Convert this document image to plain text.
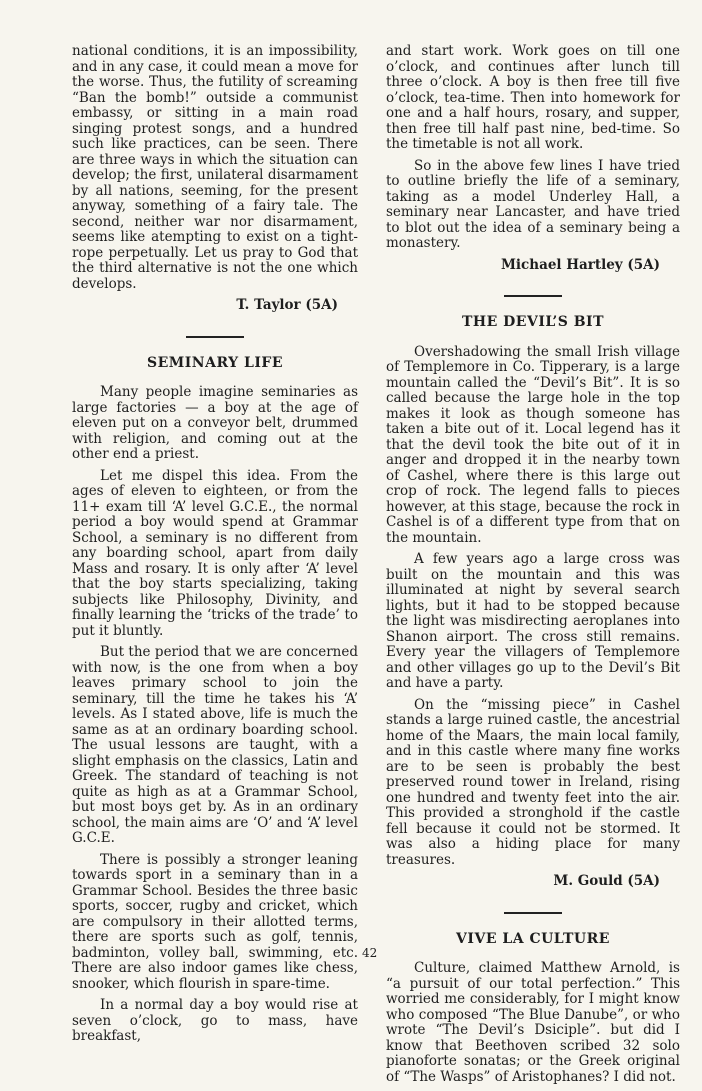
national conditions, it is an impossibility, and in any case, it could mean a move for the worse. Thus, the futility of screaming “Ban the bomb!” outside a communist embassy, or sitting in a main road singing protest songs, and a hundred such like practices, can be seen. There are three ways in which the situation can develop; the first, unilateral disarmament by all nations, seeming, for the present anyway, something of a fairy tale. The second, neither war nor disarmament, seems like atempting to exist on a tight-rope perpetually. Let us pray to God that the third alternative is not the one which develops.

T. Taylor (5A)
SEMINARY LIFE

Many people imagine seminaries as large factories — a boy at the age of eleven put on a conveyor belt, drummed with religion, and coming out at the other end a priest.

Let me dispel this idea. From the ages of eleven to eighteen, or from the 11+ exam till ‘A’ level G.C.E., the normal period a boy would spend at Grammar School, a seminary is no different from any boarding school, apart from daily Mass and rosary. It is only after ‘A’ level that the boy starts specializing, taking subjects like Philosophy, Divinity, and finally learning the ‘tricks of the trade’ to put it bluntly.

But the period that we are concerned with now, is the one from when a boy leaves primary school to join the seminary, till the time he takes his ‘A’ levels. As I stated above, life is much the same as at an ordinary boarding school. The usual lessons are taught, with a slight emphasis on the classics, Latin and Greek. The standard of teaching is not quite as high as at a Grammar School, but most boys get by. As in an ordinary school, the main aims are ‘O’ and ‘A’ level G.C.E.

There is possibly a stronger leaning towards sport in a seminary than in a Grammar School. Besides the three basic sports, soccer, rugby and cricket, which are compulsory in their allotted terms, there are sports such as golf, tennis, badminton, volley ball, swimming, etc. There are also indoor games like chess, snooker, which flourish in spare-time.

In a normal day a boy would rise at seven o’clock, go to mass, have breakfast,

and start work. Work goes on till one o’clock, and continues after lunch till three o’clock. A boy is then free till five o’clock, tea-time. Then into homework for one and a half hours, rosary, and supper, then free till half past nine, bed-time. So the timetable is not all work.

So in the above few lines I have tried to outline briefly the life of a seminary, taking as a model Underley Hall, a seminary near Lancaster, and have tried to blot out the idea of a seminary being a monastery.

Michael Hartley (5A)
THE DEVIL’S BIT

Overshadowing the small Irish village of Templemore in Co. Tipperary, is a large mountain called the “Devil’s Bit”. It is so called because the large hole in the top makes it look as though someone has taken a bite out of it. Local legend has it that the devil took the bite out of it in anger and dropped it in the nearby town of Cashel, where there is this large out crop of rock. The legend falls to pieces however, at this stage, because the rock in Cashel is of a different type from that on the mountain.

A few years ago a large cross was built on the mountain and this was illuminated at night by several search lights, but it had to be stopped because the light was misdirecting aeroplanes into Shanon airport. The cross still remains. Every year the villagers of Templemore and other villages go up to the Devil’s Bit and have a party.

On the “missing piece” in Cashel stands a large ruined castle, the ancestrial home of the Maars, the main local family, and in this castle where many fine works are to be seen is probably the best preserved round tower in Ireland, rising one hundred and twenty feet into the air. This provided a stronghold if the castle fell because it could not be stormed. It was also a hiding place for many treasures.

M. Gould (5A)
VIVE LA CULTURE

Culture, claimed Matthew Arnold, is “a pursuit of our total perfection.” This worried me considerably, for I might know who composed “The Blue Danube”, or who wrote “The Devil’s Dsiciple”. but did I know that Beethoven scribed 32 solo pianoforte sonatas; or the Greek original of “The Wasps” of Aristophanes? I did not.

42
